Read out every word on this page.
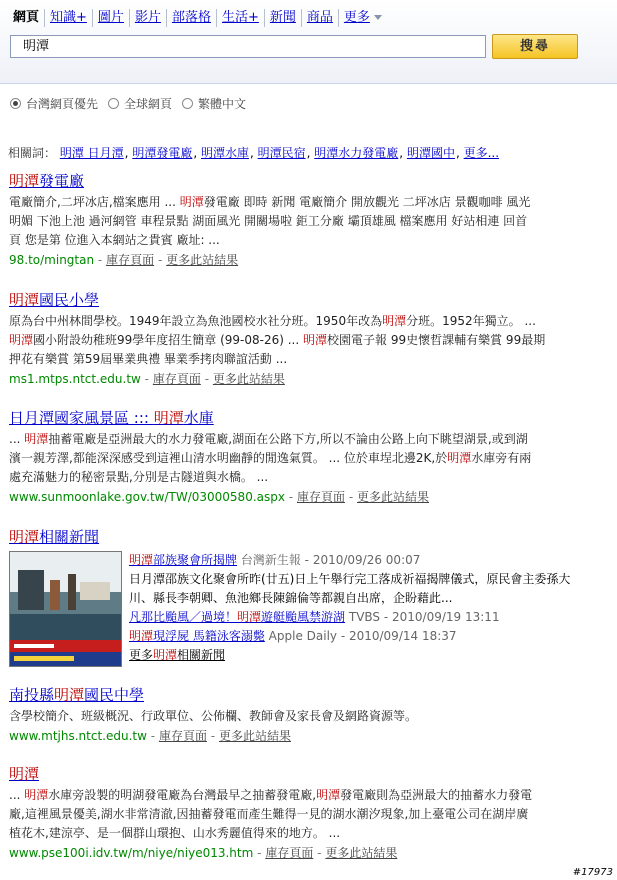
網頁 知識+ 圖片 影片 部落格 生活+ 新聞 商品 更多
明潭	搜尋
台灣網頁優先 全球網頁 繁體中文
相關詞： 明潭 日月潭, 明潭發電廠, 明潭水庫, 明潭民宿, 明潭水力發電廠, 明潭國中, 更多...
明潭發電廠
電廠簡介,二坪冰店,檔案應用 ... 明潭發電廠 即時 新聞 電廠簡介 開放觀光 二坪冰店 景觀咖啡 風光
明媚 下池上池 過河網管 車程景點 湖面風光 開關場啦 鉅工分廠 壩頂雄風 檔案應用 好站相連 回首
頁 您是第 位進入本網站之貴賓 廠址: ...
98.to/mingtan - 庫存頁面 - 更多此站結果
明潭國民小學
原為台中州林間學校。1949年設立為魚池國校水社分班。1950年改為明潭分班。1952年獨立。 ...
明潭國小附設幼稚班99學年度招生簡章 (99-08-26) ... 明潭校園電子報 99史懷哲課輔有樂賞 99最期
押花有樂賞 第59屆畢業典禮 畢業季拷肉聯誼活動 ...
ms1.mtps.ntct.edu.tw - 庫存頁面 - 更多此站結果
日月潭國家風景區 ::: 明潭水庫
... 明潭抽蓄電廠是亞洲最大的水力發電廠,湖面在公路下方,所以不論由公路上向下眺望湖景,或到湖
濱一親芳澤,都能深深感受到這裡山清水明幽靜的閒逸氣質。 ... 位於車埕北邊2K,於明潭水庫旁有兩
處充滿魅力的秘密景點,分別是古隧道與水橋。 ...
www.sunmoonlake.gov.tw/TW/03000580.aspx - 庫存頁面 - 更多此站結果
明潭相關新聞
明潭部族聚會所揭牌 台灣新生報 - 2010/09/26 00:07
日月潭邵族文化聚會所昨(廿五)日上午舉行完工落成祈福揭牌儀式，原民會主委孫大川、縣長李朝卿、魚池鄉長陳錦倫等都親自出席，企盼藉此...
凡那比颱風／過境！明潭遊艇颱風禁游湖 TVBS - 2010/09/19 13:11
明潭現浮屍 馬籍泳客溺斃 Apple Daily - 2010/09/14 18:37
更多明潭相關新聞
南投縣明潭國民中學
含學校簡介、班級概況、行政單位、公佈欄、教師會及家長會及網路資源等。
www.mtjhs.ntct.edu.tw - 庫存頁面 - 更多此站結果
明潭
... 明潭水庫旁設製的明湖發電廠為台灣最早之抽蓄發電廠,明潭發電廠則為亞洲最大的抽蓄水力發電
廠,這裡風景優美,湖水非常清澈,因抽蓄發電而產生難得一見的湖水潮汐現象,加上臺電公司在湖岸廣
植花木,建涼亭、是一個群山環抱、山水秀麗值得來的地方。 ...
www.pse100i.idv.tw/m/niye/niye013.htm - 庫存頁面 - 更多此站結果
#17973
